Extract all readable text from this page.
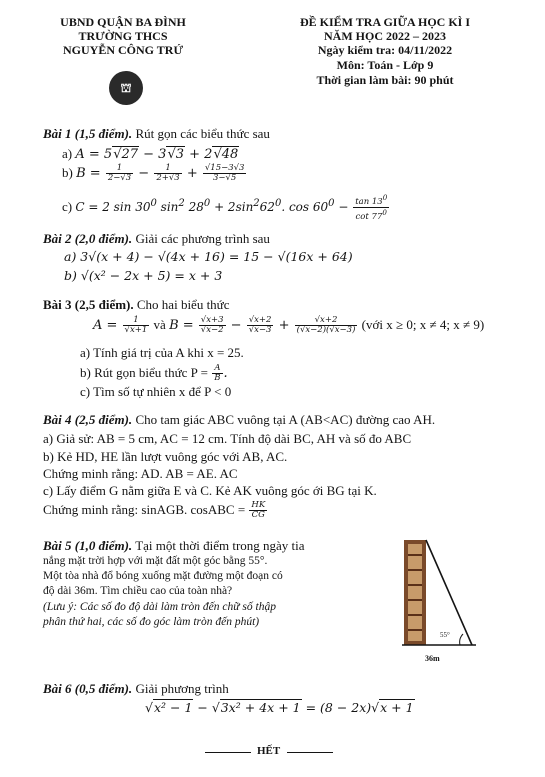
UBND QUẬN BA ĐÌNH
TRƯỜNG THCS
NGUYỄN CÔNG TRỨ
⛫
ĐỀ KIỂM TRA GIỮA HỌC KÌ I
NĂM HỌC 2022 – 2023
Ngày kiểm tra: 04/11/2022
Môn: Toán - Lớp 9
Thời gian làm bài: 90 phút
Bài 1 (1,5 điểm). Rút gọn các biểu thức sau
a) A = 5√27 − 3√3 + 2√48
b) $B = \frac{1}{2-√3} - \frac{1}{2+√3} + \frac{√15-3√3}{3-√5}$
c) C = 2 $\sin 30^0$ $\sin^2 28^0 + 2\sin^262^0$. $\cos 60^0 - \frac{\tan 13^0}{\cot 77^0}$
Bài 2 (2,0 điểm). Giải các phương trình sau
a) 3√(x + 4) − √(4x + 16) = 15 − √(16x + 64)
b) √(x² − 2x + 5) = x + 3
Bài 3 (2,5 điểm). Cho hai biểu thức
$A = \frac{1}{√x+1}$ và $B = \frac{√x+3}{√x-2} - \frac{√x+2}{√x-3} + \frac{√x+2}{(√x-2)(√x-3)}$ (với x ≥ 0; x ≠ 4; x ≠ 9)
a) Tính giá trị của A khi x = 25.
b) Rút gọn biểu thức $P = \frac{A}{B}$ .
c) Tìm số tự nhiên x để P < 0
Bài 4 (2,5 điểm). Cho tam giác ABC vuông tại A (AB<AC) đường cao AH.
a) Giả sử: AB = 5 cm, AC = 12 cm. Tính độ dài BC, AH và số đo ABC
b) Kẻ HD, HE lần lượt vuông góc với AB, AC.
Chứng minh rằng: AD. AB = AE. AC
c) Lấy điểm G nằm giữa E và C. Kẻ AK vuông góc ới BG tại K.
Chứng minh rằng: sinAGB. cosABC = $\frac{HK}{CG}$
Bài 5 (1,0 điểm). Tại một thời điểm trong ngày tia
nắng mặt trời hợp với mặt đất một góc bằng 55°.
Một tòa nhà đổ bóng xuống mặt đường một đoạn có
độ dài 36m. Tìm chiều cao của toàn nhà?
(Lưu ý: Các số đo độ dài làm tròn đến chữ số thập
phân thứ hai, các số đo góc làm tròn đến phút)
55°
36m
Bài 6 (0,5 điểm). Giải phương trình
√x² − 1 − √3x² + 4x + 1 = (8 − 2x)√x + 1
HẾT
